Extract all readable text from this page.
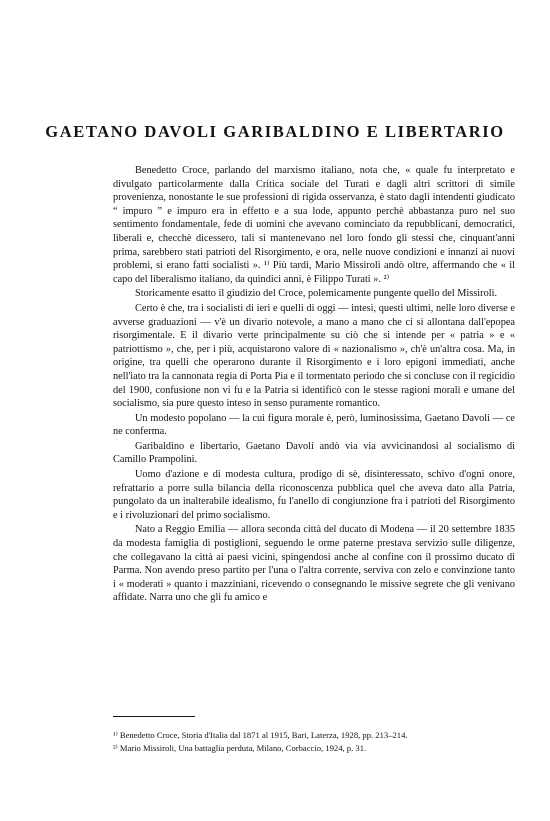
GAETANO DAVOLI GARIBALDINO E LIBERTARIO

Benedetto Croce, parlando del marxismo italiano, nota che, « quale fu interpretato e divulgato particolarmente dalla Critica sociale del Turati e dagli altri scrittori di simile provenienza, nonostante le sue professioni di rigida osservanza, è stato dagli intendenti giudicato “ impuro ” e impuro era in effetto e a sua lode, appunto perchè abbastanza puro nel suo sentimento fondamentale, fede di uomini che avevano cominciato da repubblicani, democratici, liberali e, checchè dicessero, tali si mantenevano nel loro fondo gli stessi che, cinquant'anni prima, sarebbero stati patrioti del Risorgimento, e ora, nelle nuove condizioni e innanzi ai nuovi problemi, si erano fatti socialisti ». ¹⁾ Più tardi, Mario Missiroli andò oltre, affermando che « il capo del liberalismo italiano, da quindici anni, è Filippo Turati ». ²⁾

Storicamente esatto il giudizio del Croce, polemicamente pungente quello del Missiroli.

Certo è che, tra i socialisti di ieri e quelli di oggi — intesi, questi ultimi, nelle loro diverse e avverse graduazioni — v'è un divario notevole, a mano a mano che ci si allontana dall'epopea risorgimentale. E il divario verte principalmente su ciò che si intende per « patria » e « patriottismo », che, per i più, acquistarono valore di « nazionalismo », ch'è un'altra cosa. Ma, in origine, tra quelli che operarono durante il Risorgimento e i loro epigoni immediati, anche nell'iato tra la cannonata regia di Porta Pia e il tormentato periodo che si concluse con il regicidio del 1900, confusione non vi fu e la Patria si identificò con le stesse ragioni morali e umane del socialismo, sia pure questo inteso in senso puramente romantico.

Un modesto popolano — la cui figura morale è, però, luminosissima, Gaetano Davoli — ce ne conferma.

Garibaldino e libertario, Gaetano Davoli andò via via avvicinandosi al socialismo di Camillo Prampolini.

Uomo d'azione e di modesta cultura, prodigo di sè, disinteressato, schivo d'ogni onore, refrattario a porre sulla bilancia della riconoscenza pubblica quel che aveva dato alla Patria, pungolato da un inalterabile idealismo, fu l'anello di congiunzione fra i patrioti del Risorgimento e i rivoluzionari del primo socialismo.

Nato a Reggio Emilia — allora seconda città del ducato di Modena — il 20 settembre 1835 da modesta famiglia di postiglioni, seguendo le orme paterne prestava servizio sulle diligenze, che collegavano la città ai paesi vicini, spingendosi anche al confine con il prossimo ducato di Parma. Non avendo preso partito per l'una o l'altra corrente, serviva con zelo e convinzione tanto i « moderati » quanto i mazziniani, ricevendo o consegnando le missive segrete che gli venivano affidate. Narra uno che gli fu amico e

¹⁾ Benedetto Croce, Storia d'Italia dal 1871 al 1915, Bari, Laterza, 1928, pp. 213–214.
²⁾ Mario Missiroli, Una battaglia perduta, Milano, Corbaccio, 1924, p. 31.
